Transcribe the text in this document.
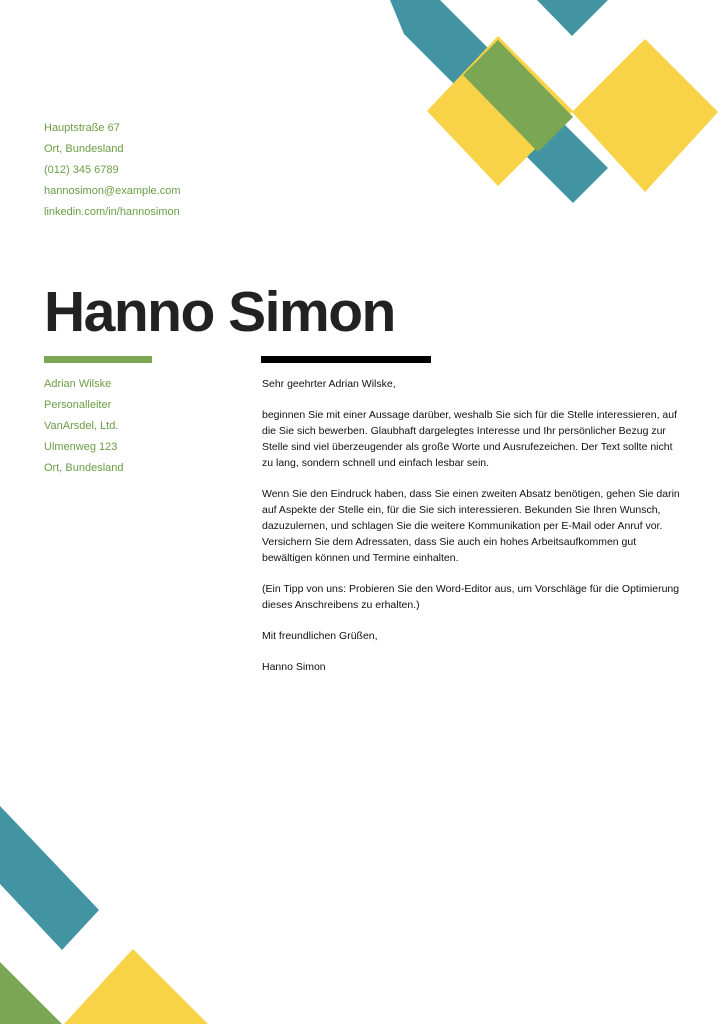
Hauptstraße 67
Ort, Bundesland
(012) 345 6789
hannosimon@example.com
linkedin.com/in/hannosimon
Hanno Simon
Adrian Wilske
Personalleiter
VanArsdel, Ltd.
Ulmenweg 123
Ort, Bundesland

Sehr geehrter Adrian Wilske,

beginnen Sie mit einer Aussage darüber, weshalb Sie sich für die Stelle interessieren, auf die Sie sich bewerben. Glaubhaft dargelegtes Interesse und Ihr persönlicher Bezug zur Stelle sind viel überzeugender als große Worte und Ausrufezeichen. Der Text sollte nicht zu lang, sondern schnell und einfach lesbar sein.

Wenn Sie den Eindruck haben, dass Sie einen zweiten Absatz benötigen, gehen Sie darin auf Aspekte der Stelle ein, für die Sie sich interessieren. Bekunden Sie Ihren Wunsch, dazuzulernen, und schlagen Sie die weitere Kommunikation per E-Mail oder Anruf vor. Versichern Sie dem Adressaten, dass Sie auch ein hohes Arbeitsaufkommen gut bewältigen können und Termine einhalten.

(Ein Tipp von uns: Probieren Sie den Word-Editor aus, um Vorschläge für die Optimierung dieses Anschreibens zu erhalten.)

Mit freundlichen Grüßen,

Hanno Simon
